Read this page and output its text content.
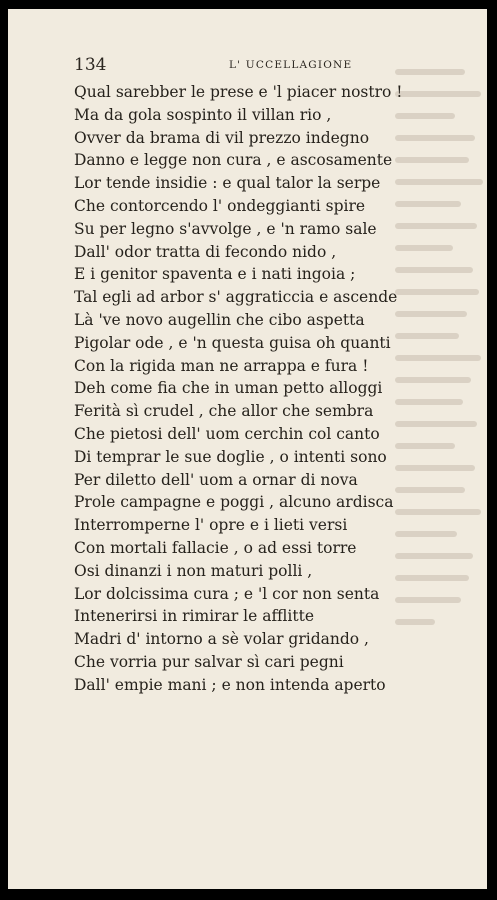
134	L' UCCELLAGIONE
Qual sarebber le prese e 'l piacer nostro !
Ma da gola sospinto il villan rio ,
Ovver da brama di vil prezzo indegno
Danno e legge non cura , e ascosamente
Lor tende insidie : e qual talor la serpe
Che contorcendo l' ondeggianti spire
Su per legno s'avvolge , e 'n ramo sale
Dall' odor tratta di fecondo nido ,
E i genitor spaventa e i nati ingoia ;
Tal egli ad arbor s' aggraticcia e ascende
Là 've novo augellin che cibo aspetta
Pigolar ode , e 'n questa guisa oh quanti
Con la rigida man ne arrappa e fura !
Deh come fia che in uman petto alloggi
Ferità sì crudel , che allor che sembra
Che pietosi dell' uom cerchin col canto
Di temprar le sue doglie , o intenti sono
Per diletto dell' uom a ornar di nova
Prole campagne e poggi , alcuno ardisca
Interromperne l' opre e i lieti versi
Con mortali fallacie , o ad essi torre
Osi dinanzi i non maturi polli ,
Lor dolcissima cura ; e 'l cor non senta
Intenerirsi in rimirar le afflitte
Madri d' intorno a sè volar gridando ,
Che vorria pur salvar sì cari pegni
Dall' empie mani ; e non intenda aperto
